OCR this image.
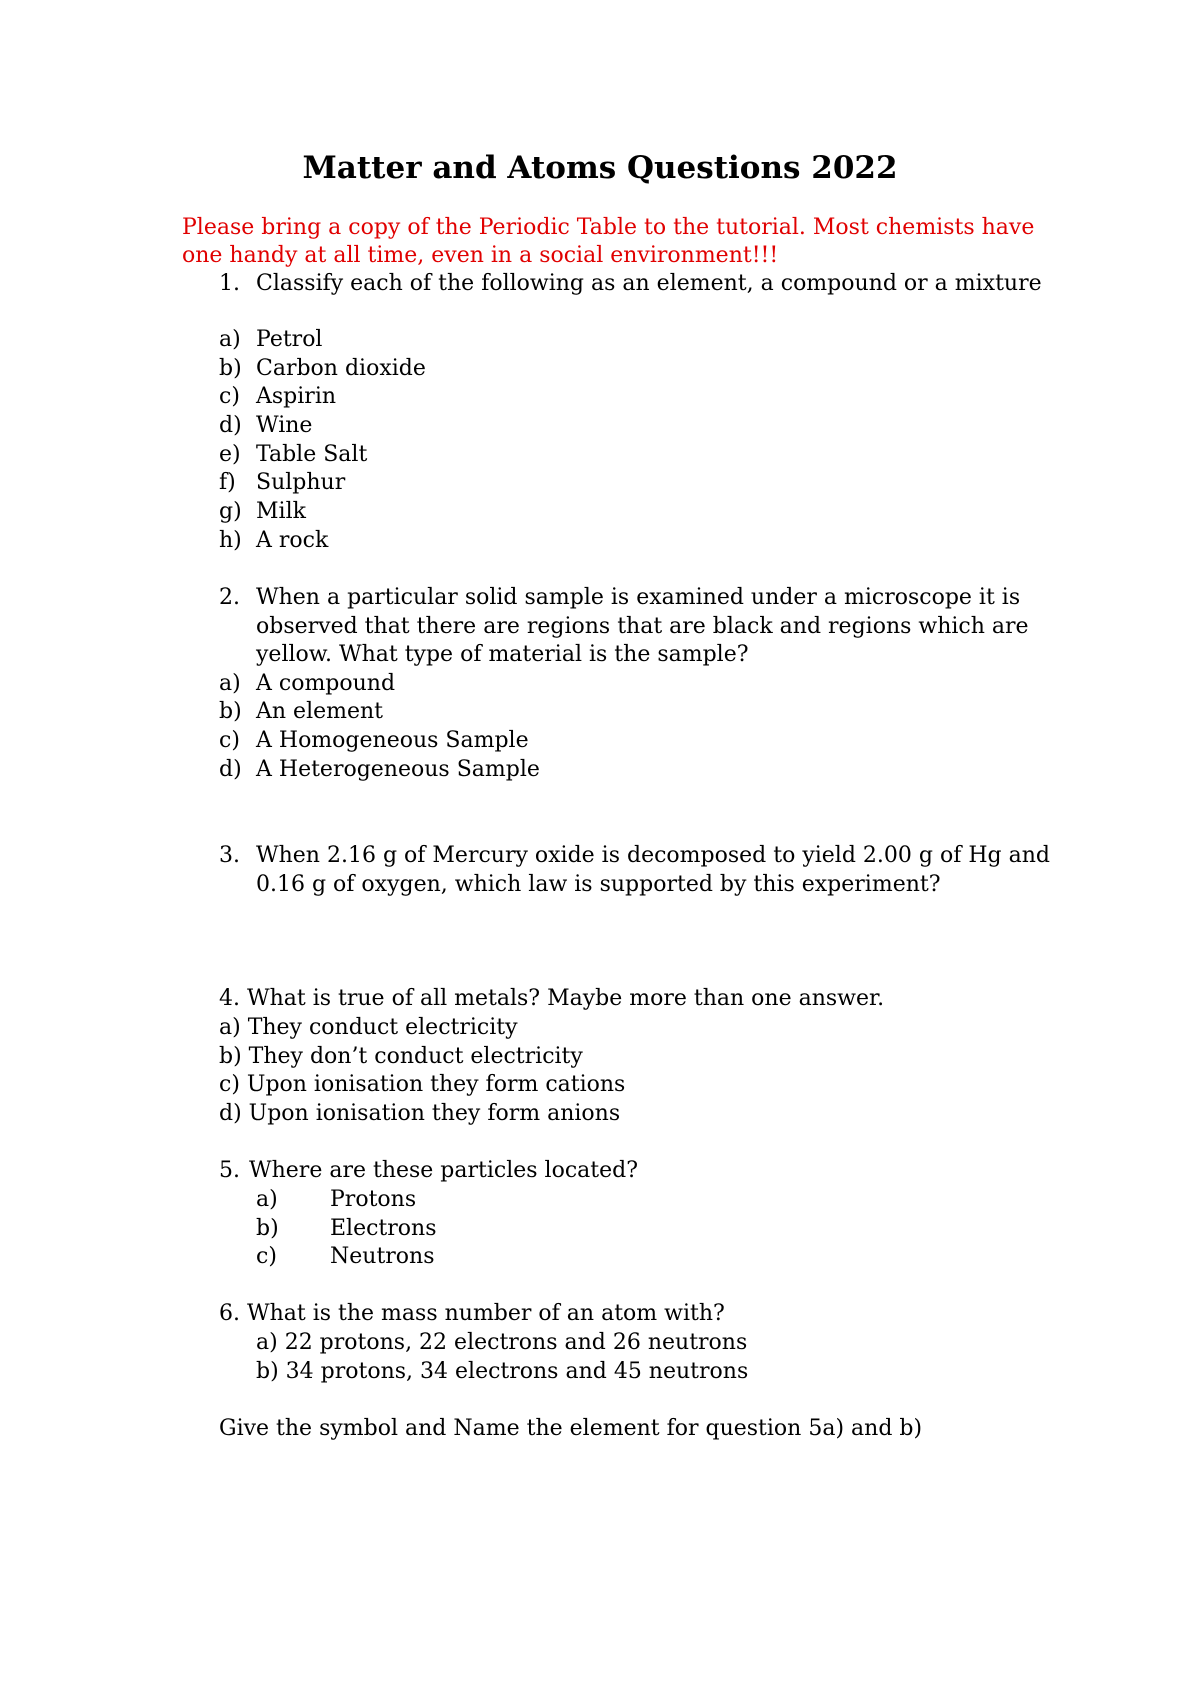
Matter and Atoms Questions 2022
Please bring a copy of the Periodic Table to the tutorial. Most chemists have one handy at all time, even in a social environment!!!
1. Classify each of the following as an element, a compound or a mixture
a) Petrol
b) Carbon dioxide
c) Aspirin
d) Wine
e) Table Salt
f) Sulphur
g) Milk
h) A rock
2. When a particular solid sample is examined under a microscope it is
observed that there are regions that are black and regions which are
yellow. What type of material is the sample?
a) A compound
b) An element
c) A Homogeneous Sample
d) A Heterogeneous Sample
3. When 2.16 g of Mercury oxide is decomposed to yield 2.00 g of Hg and
0.16 g of oxygen, which law is supported by this experiment?
4. What is true of all metals? Maybe more than one answer.
a) They conduct electricity
b) They don’t conduct electricity
c) Upon ionisation they form cations
d) Upon ionisation they form anions
5. Where are these particles located?
a) Protons
b) Electrons
c) Neutrons
6. What is the mass number of an atom with?
a) 22 protons, 22 electrons and 26 neutrons
b) 34 protons, 34 electrons and 45 neutrons
Give the symbol and Name the element for question 5a) and b)
